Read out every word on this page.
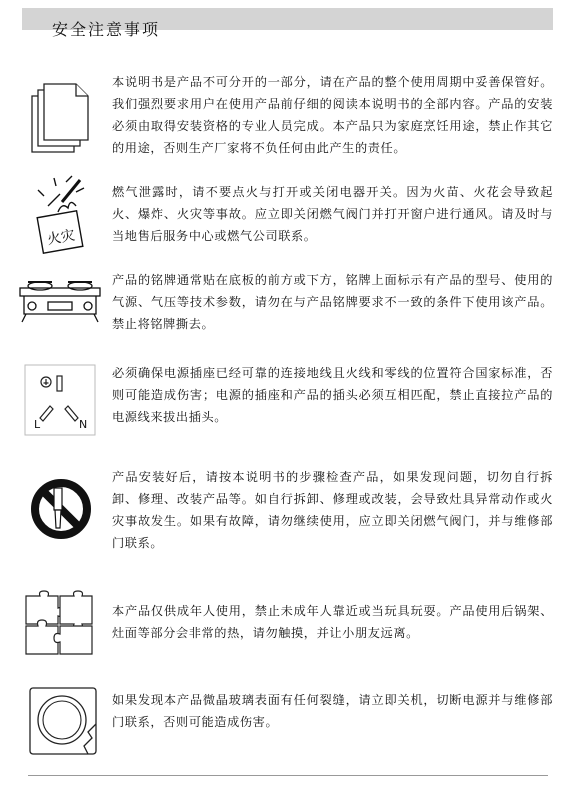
安全注意事项

本说明书是产品不可分开的一部分，请在产品的整个使用周期中妥善保管好。我们强烈要求用户在使用产品前仔细的阅读本说明书的全部内容。产品的安装必须由取得安装资格的专业人员完成。本产品只为家庭烹饪用途，禁止作其它的用途，否则生产厂家将不负任何由此产生的责任。

火灾

燃气泄露时，请不要点火与打开或关闭电器开关。因为火苗、火花会导致起火、爆炸、火灾等事故。应立即关闭燃气阀门并打开窗户进行通风。请及时与当地售后服务中心或燃气公司联系。

产品的铭牌通常贴在底板的前方或下方，铭牌上面标示有产品的型号、使用的气源、气压等技术参数，请勿在与产品铭牌要求不一致的条件下使用该产品。禁止将铭牌撕去。

L	N

必须确保电源插座已经可靠的连接地线且火线和零线的位置符合国家标准，否则可能造成伤害；电源的插座和产品的插头必须互相匹配，禁止直接拉产品的电源线来拔出插头。

产品安装好后，请按本说明书的步骤检查产品，如果发现问题，切勿自行拆卸、修理、改装产品等。如自行拆卸、修理或改装，会导致灶具异常动作或火灾事故发生。如果有故障，请勿继续使用，应立即关闭燃气阀门，并与维修部门联系。

本产品仅供成年人使用，禁止未成年人靠近或当玩具玩耍。产品使用后锅架、灶面等部分会非常的热，请勿触摸，并让小朋友远离。

如果发现本产品微晶玻璃表面有任何裂缝，请立即关机，切断电源并与维修部门联系，否则可能造成伤害。
